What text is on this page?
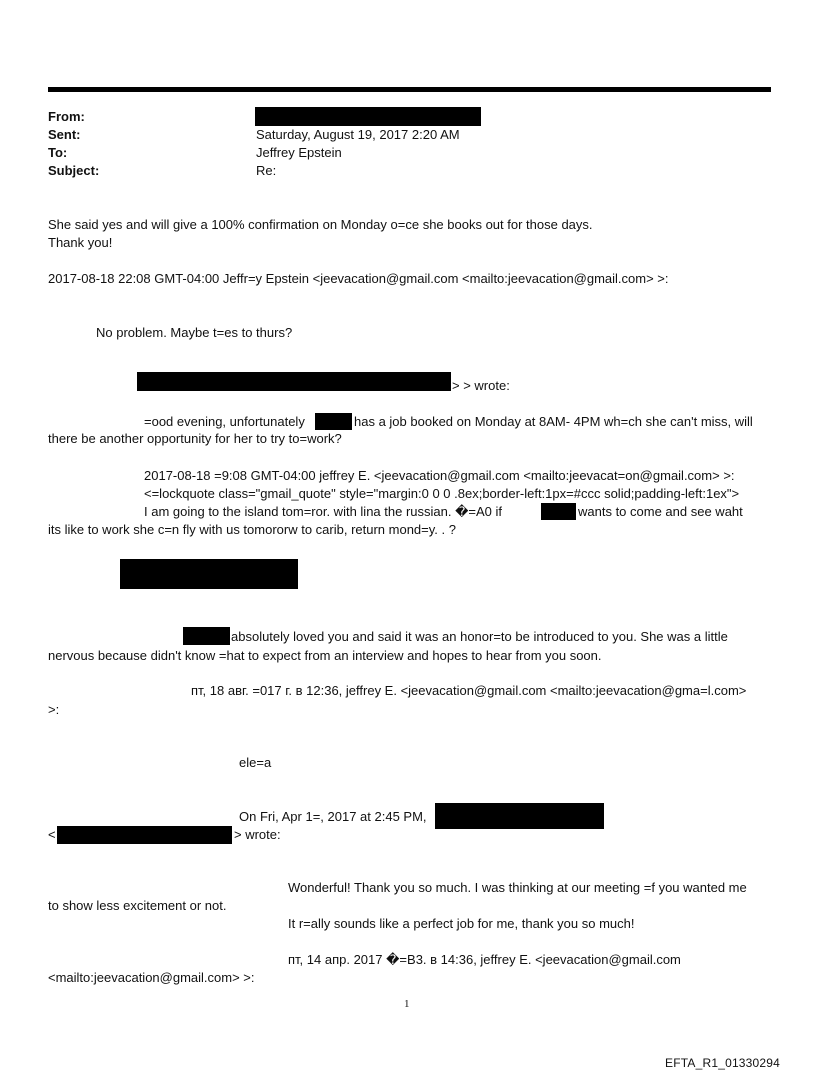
From:
Sent:	Saturday, August 19, 2017 2:20 AM
To:	Jeffrey Epstein
Subject:	Re:
She said yes and will give a 100% confirmation on Monday o=ce she books out for those days.
Thank you!
2017-08-18 22:08 GMT-04:00 Jeffr=y Epstein <jeevacation@gmail.com <mailto:jeevacation@gmail.com> >:
No problem. Maybe t=es to thurs?
> > wrote:
=ood evening, unfortunately	has a job booked on Monday at 8AM- 4PM wh=ch she can't miss, will
there be another opportunity for her to try to=work?
2017-08-18 =9:08 GMT-04:00 jeffrey E. <jeevacation@gmail.com <mailto:jeevacat=on@gmail.com> >:
<=lockquote class="gmail_quote" style="margin:0 0 0 .8ex;border-left:1px=#ccc solid;padding-left:1ex">
I am going to the island tom=ror. with lina the russian. �=A0 if	wants to come and see waht
its like to work she c=n fly with us tomororw to carib, return mond=y. . ?
absolutely loved you and said it was an honor=to be introduced to you. She was a little
nervous because didn't know =hat to expect from an interview and hopes to hear from you soon.
пт, 18 авг. =017 г. в 12:36, jeffrey E. <jeevacation@gmail.com <mailto:jeevacation@gma=l.com>
>:
ele=a
On Fri, Apr 1=, 2017 at 2:45 PM,
<	> wrote:
Wonderful! Thank you so much. I was thinking at our meeting =f you wanted me
to show less excitement or not.
It r=ally sounds like a perfect job for me, thank you so much!
пт, 14 апр. 2017 �=B3. в 14:36, jeffrey E. <jeevacation@gmail.com
<mailto:jeevacation@gmail.com> >:
1
EFTA_R1_01330294
